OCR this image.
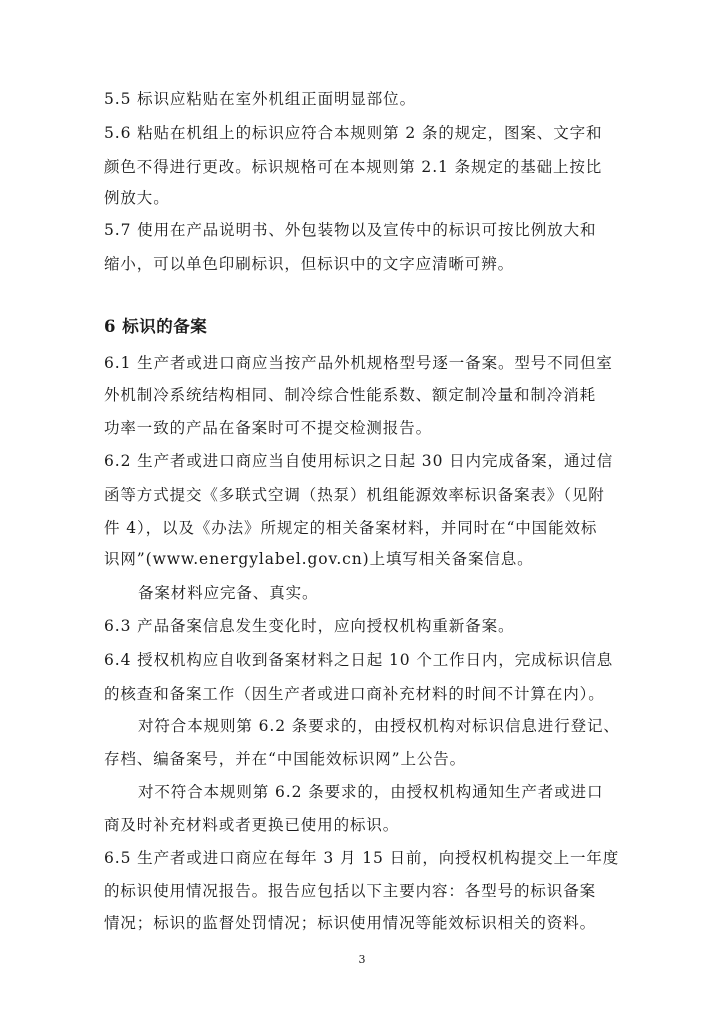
5.5 标识应粘贴在室外机组正面明显部位。

5.6 粘贴在机组上的标识应符合本规则第 2 条的规定，图案、文字和

颜色不得进行更改。标识规格可在本规则第 2.1 条规定的基础上按比

例放大。

5.7 使用在产品说明书、外包装物以及宣传中的标识可按比例放大和

缩小，可以单色印刷标识，但标识中的文字应清晰可辨。

6 标识的备案

6.1 生产者或进口商应当按产品外机规格型号逐一备案。型号不同但室

外机制冷系统结构相同、制冷综合性能系数、额定制冷量和制冷消耗

功率一致的产品在备案时可不提交检测报告。

6.2 生产者或进口商应当自使用标识之日起 30 日内完成备案，通过信

函等方式提交《多联式空调（热泵）机组能源效率标识备案表》（见附

件 4），以及《办法》所规定的相关备案材料，并同时在“中国能效标

识网”(www.energylabel.gov.cn)上填写相关备案信息。

备案材料应完备、真实。

6.3 产品备案信息发生变化时，应向授权机构重新备案。

6.4 授权机构应自收到备案材料之日起 10 个工作日内，完成标识信息

的核查和备案工作（因生产者或进口商补充材料的时间不计算在内）。

对符合本规则第 6.2 条要求的，由授权机构对标识信息进行登记、

存档、编备案号，并在“中国能效标识网”上公告。

对不符合本规则第 6.2 条要求的，由授权机构通知生产者或进口

商及时补充材料或者更换已使用的标识。

6.5 生产者或进口商应在每年 3 月 15 日前，向授权机构提交上一年度

的标识使用情况报告。报告应包括以下主要内容：各型号的标识备案

情况；标识的监督处罚情况；标识使用情况等能效标识相关的资料。

3
